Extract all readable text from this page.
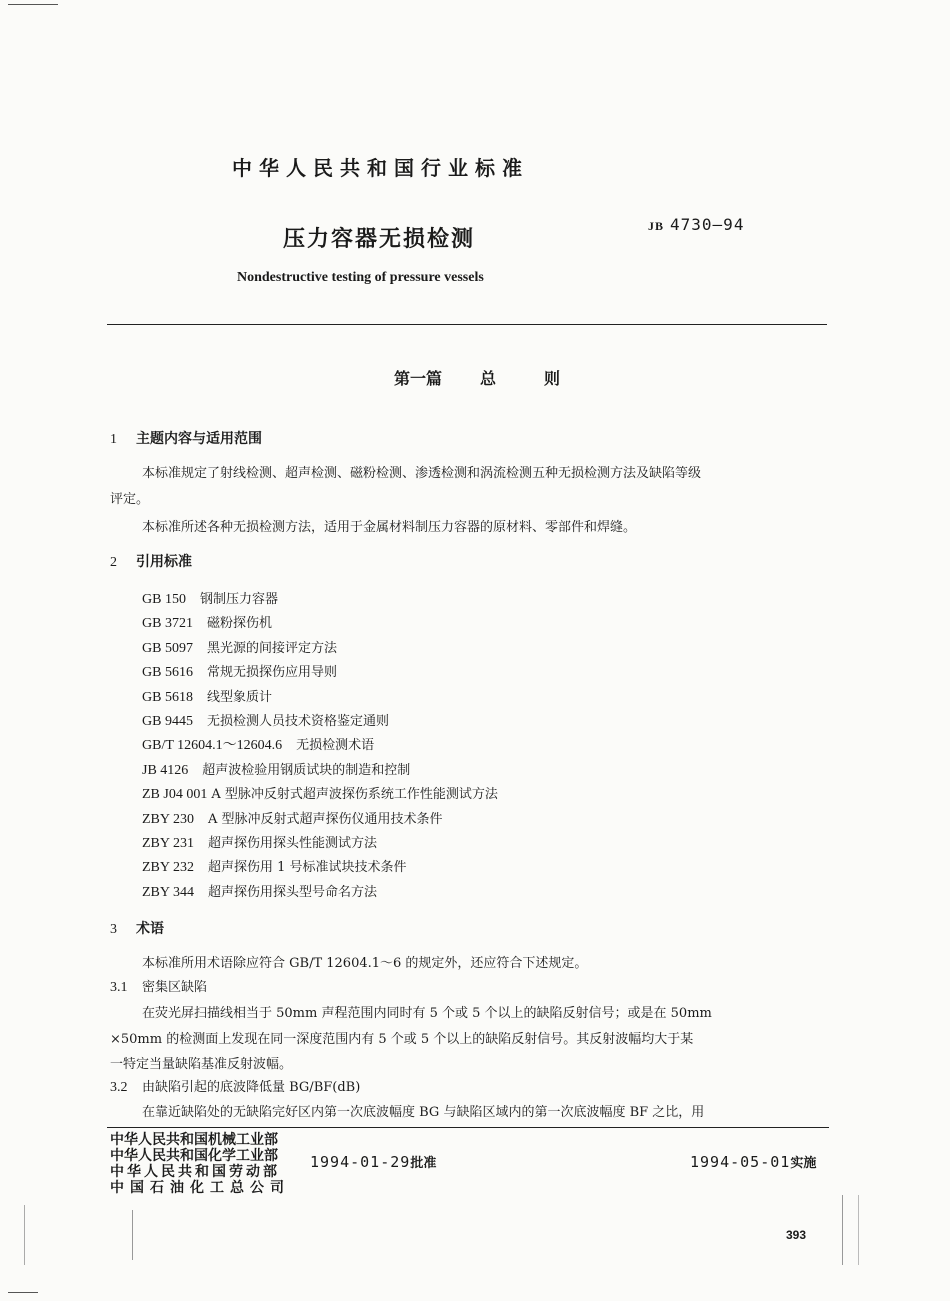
中华人民共和国行业标准
压力容器无损检测
JB 4730—94
Nondestructive testing of pressure vessels
第一篇 总	则
1 主题内容与适用范围
本标准规定了射线检测、超声检测、磁粉检测、渗透检测和涡流检测五种无损检测方法及缺陷等级
评定。
本标准所述各种无损检测方法，适用于金属材料制压力容器的原材料、零部件和焊缝。
2 引用标准
GB 150 钢制压力容器
GB 3721 磁粉探伤机
GB 5097 黑光源的间接评定方法
GB 5616 常规无损探伤应用导则
GB 5618 线型象质计
GB 9445 无损检测人员技术资格鉴定通则
GB/T 12604.1～12604.6 无损检测术语
JB 4126 超声波检验用钢质试块的制造和控制
ZB J04 001 A 型脉冲反射式超声波探伤系统工作性能测试方法
ZBY 230 A 型脉冲反射式超声探伤仪通用技术条件
ZBY 231 超声探伤用探头性能测试方法
ZBY 232 超声探伤用 1 号标准试块技术条件
ZBY 344 超声探伤用探头型号命名方法
3 术语
本标准所用术语除应符合 GB/T 12604.1～6 的规定外，还应符合下述规定。
3.1 密集区缺陷
在荧光屏扫描线相当于 50mm 声程范围内同时有 5 个或 5 个以上的缺陷反射信号；或是在 50mm
×50mm 的检测面上发现在同一深度范围内有 5 个或 5 个以上的缺陷反射信号。其反射波幅均大于某
一特定当量缺陷基准反射波幅。
3.2 由缺陷引起的底波降低量 BG/BF(dB)
在靠近缺陷处的无缺陷完好区内第一次底波幅度 BG 与缺陷区域内的第一次底波幅度 BF 之比，用
中华人民共和国机械工业部
中华人民共和国化学工业部
中华人民共和国劳动部
中国石油化工总公司
1994-01-29批准	1994-05-01实施
393
